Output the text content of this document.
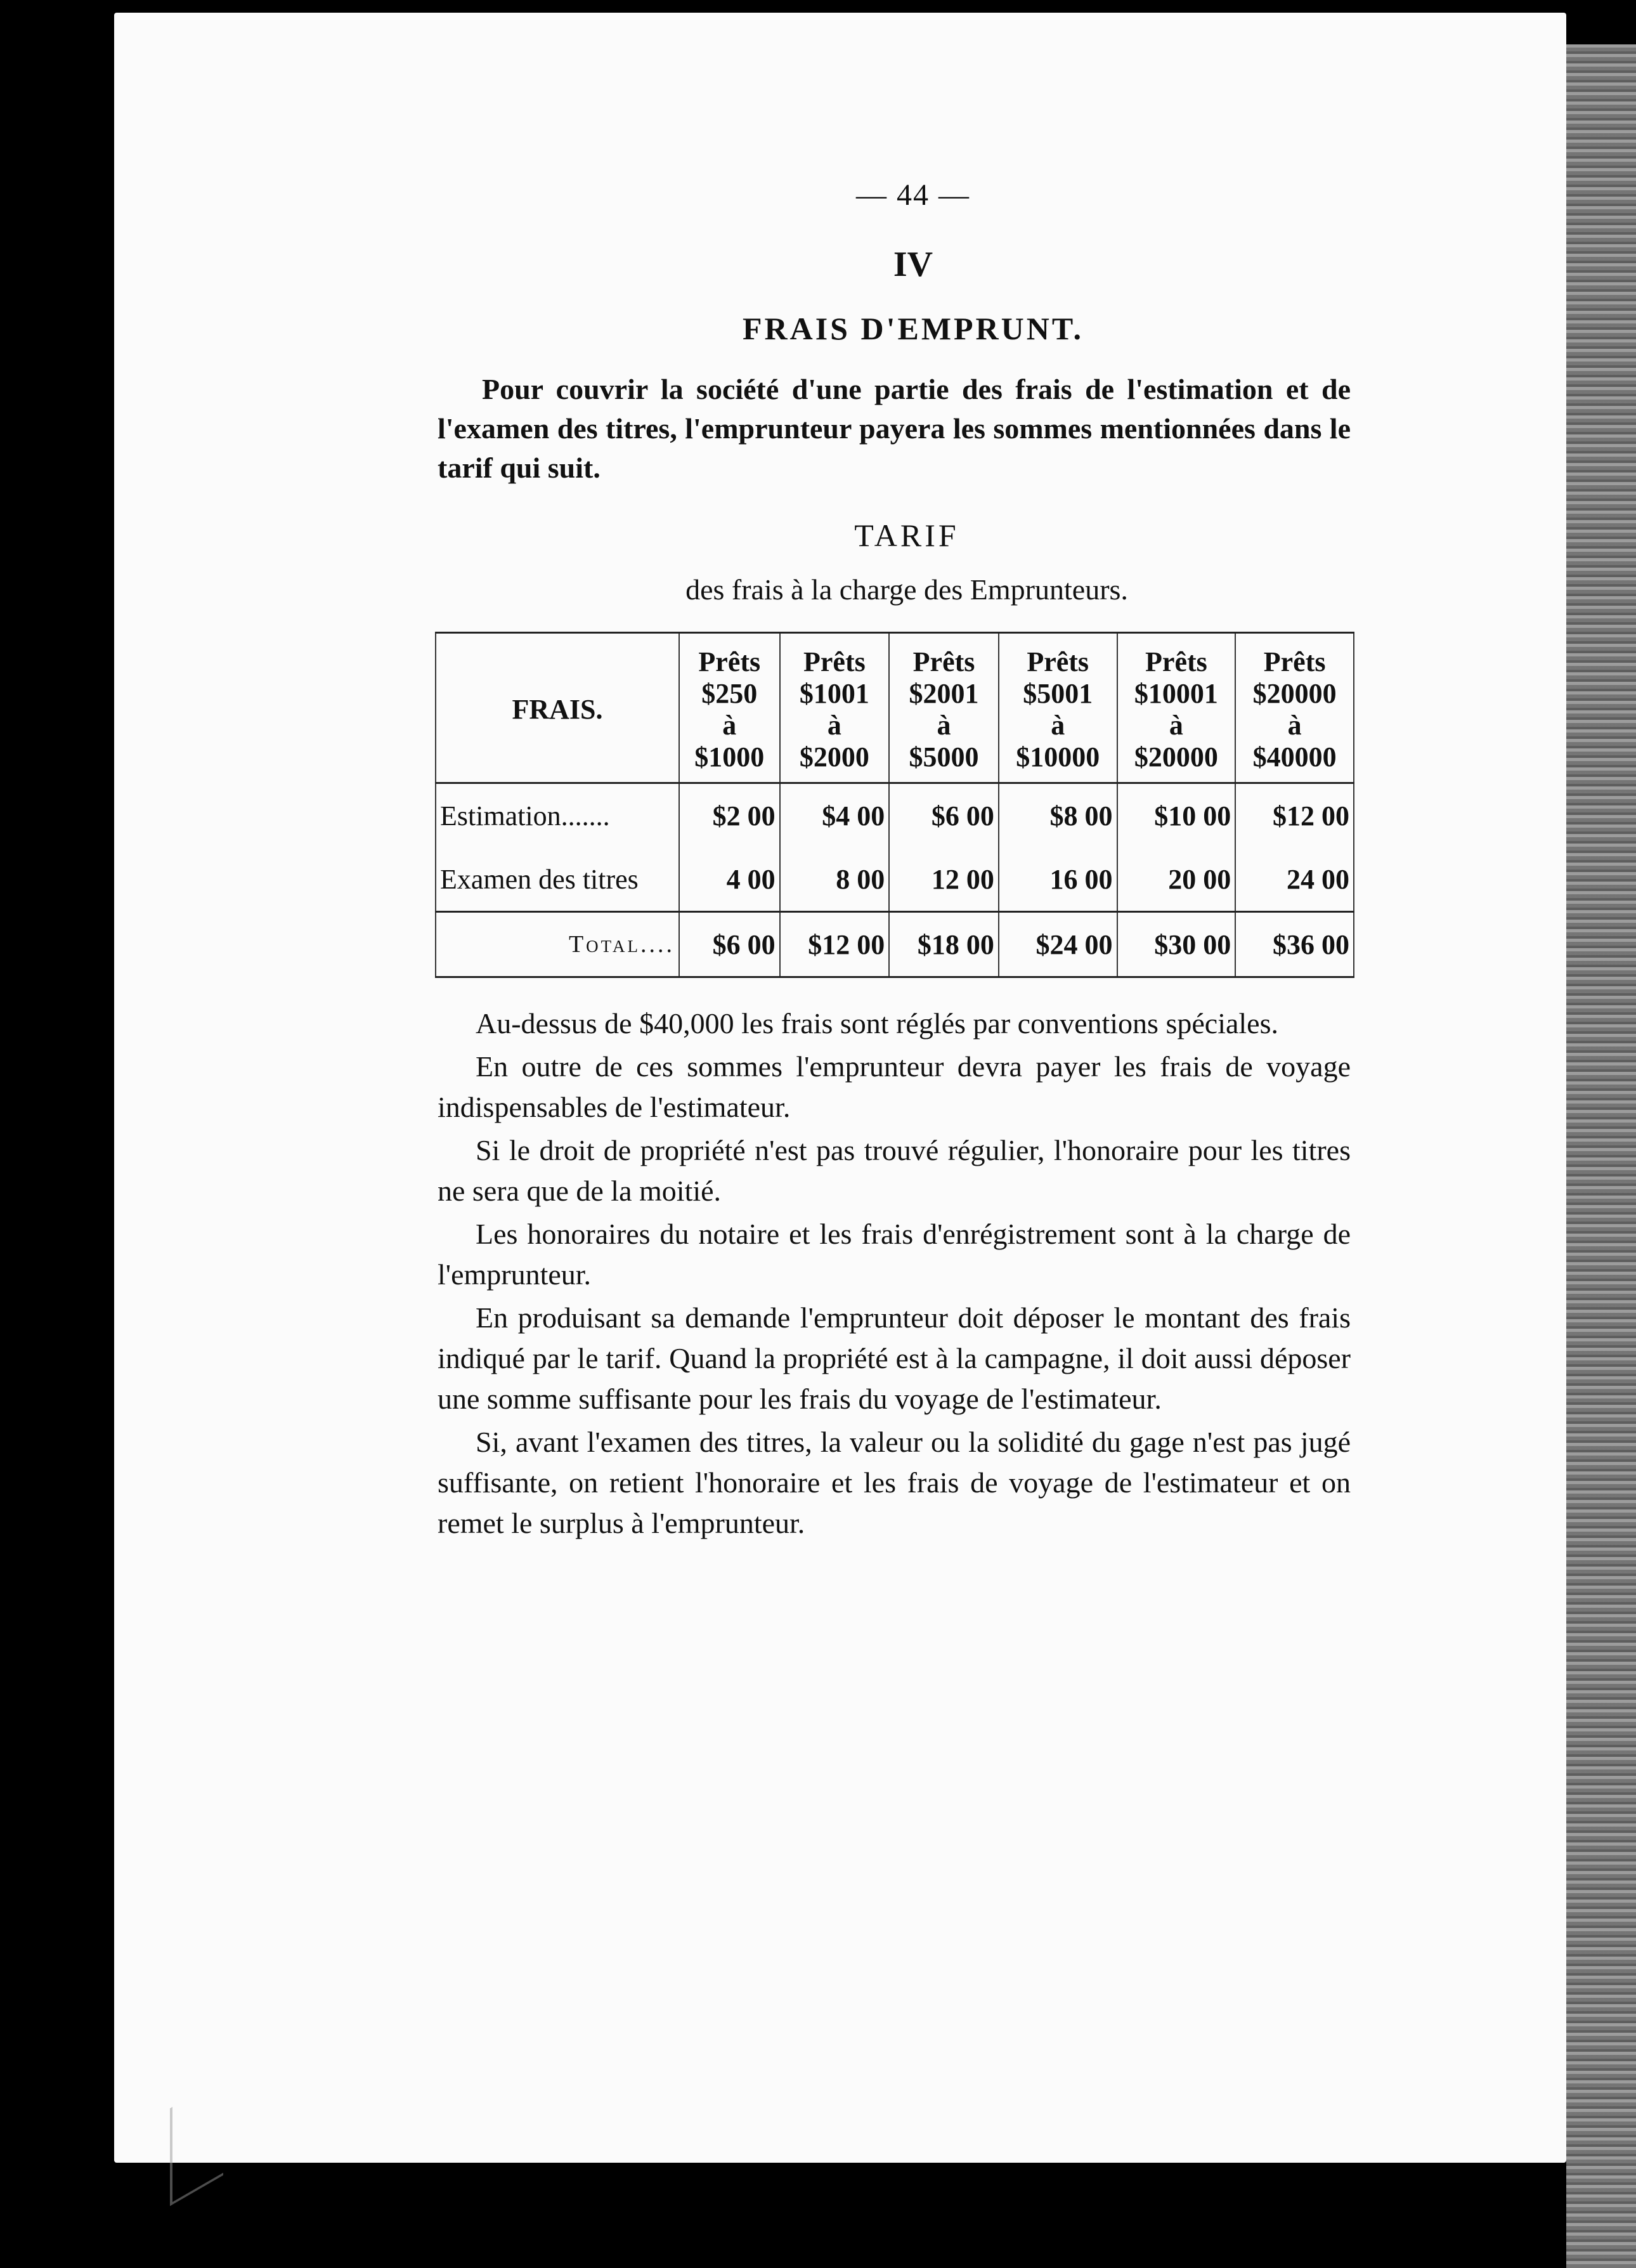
— 44 —
IV
FRAIS D'EMPRUNT.

Pour couvrir la société d'une partie des frais de l'estimation et de l'examen des titres, l'emprunteur payera les sommes mentionnées dans le tarif qui suit.

TARIF
des frais à la charge des Emprunteurs.
FRAIS.	Prêts
$250
à
$1000	Prêts
$1001
à
$2000	Prêts
$2001
à
$5000	Prêts
$5001
à
$10000	Prêts
$10001
à
$20000	Prêts
$20000
à
$40000
Estimation.......	$2 00	$4 00	$6 00	$8 00	$10 00	$12 00
Examen des titres	4 00	8 00	12 00	16 00	20 00	24 00
Total....	$6 00	$12 00	$18 00	$24 00	$30 00	$36 00

Au-dessus de $40,000 les frais sont réglés par conventions spéciales.

En outre de ces sommes l'emprunteur devra payer les frais de voyage indispensables de l'estimateur.

Si le droit de propriété n'est pas trouvé régulier, l'honoraire pour les titres ne sera que de la moitié.

Les honoraires du notaire et les frais d'enrégistrement sont à la charge de l'emprunteur.

En produisant sa demande l'emprunteur doit déposer le montant des frais indiqué par le tarif. Quand la propriété est à la campagne, il doit aussi déposer une somme suffisante pour les frais du voyage de l'estimateur.

Si, avant l'examen des titres, la valeur ou la solidité du gage n'est pas jugé suffisante, on retient l'honoraire et les frais de voyage de l'estimateur et on remet le surplus à l'emprunteur.
